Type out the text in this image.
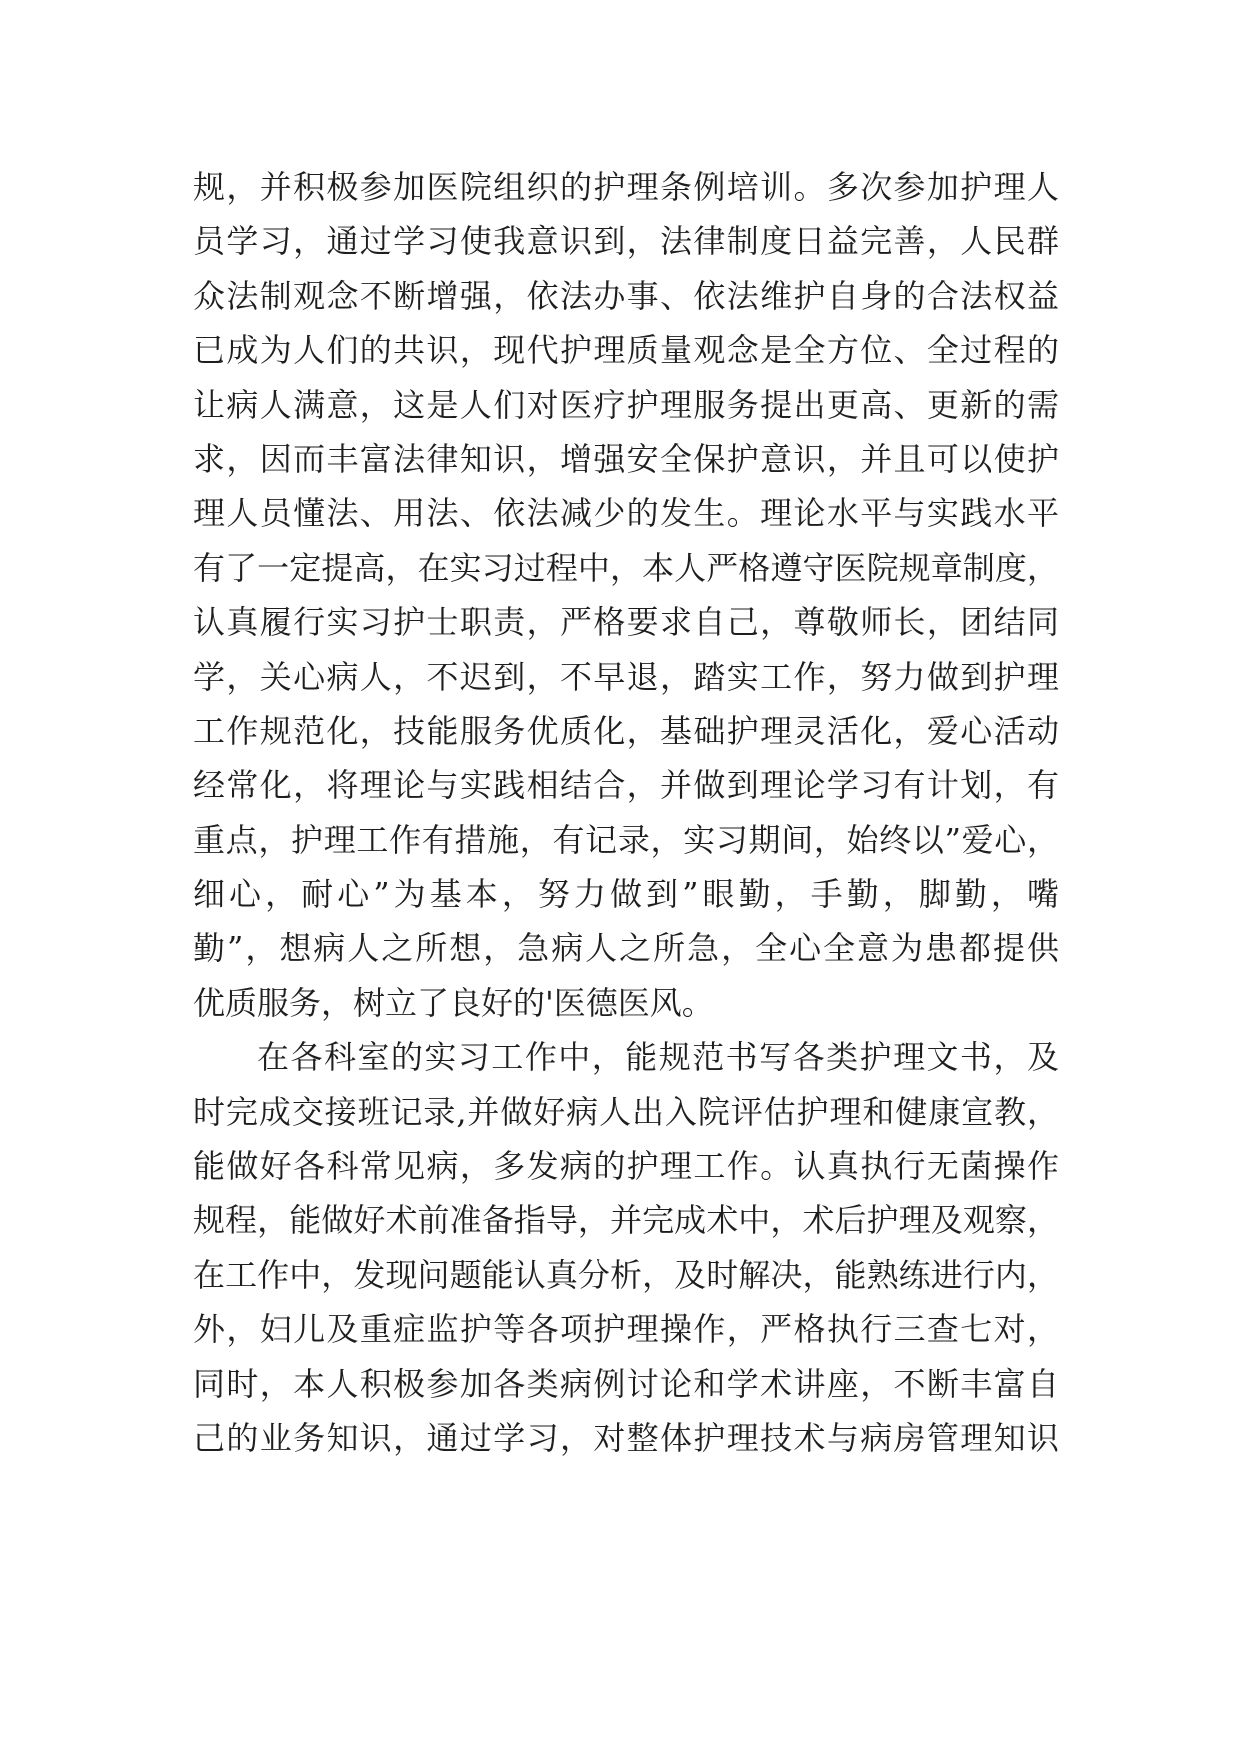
规，并积极参加医院组织的护理条例培训。多次参加护理人
员学习，通过学习使我意识到，法律制度日益完善，人民群
众法制观念不断增强，依法办事、依法维护自身的合法权益
已成为人们的共识，现代护理质量观念是全方位、全过程的
让病人满意，这是人们对医疗护理服务提出更高、更新的需
求，因而丰富法律知识，增强安全保护意识，并且可以使护
理人员懂法、用法、依法减少的发生。理论水平与实践水平
有了一定提高，在实习过程中，本人严格遵守医院规章制度，
认真履行实习护士职责，严格要求自己，尊敬师长，团结同
学，关心病人，不迟到，不早退，踏实工作，努力做到护理
工作规范化，技能服务优质化，基础护理灵活化，爱心活动
经常化，将理论与实践相结合，并做到理论学习有计划，有
重点，护理工作有措施，有记录，实习期间，始终以”爱心，
细心，耐心”为基本，努力做到”眼勤，手勤，脚勤，嘴
勤”，想病人之所想，急病人之所急，全心全意为患都提供
优质服务，树立了良好的'医德医风。
在各科室的实习工作中，能规范书写各类护理文书，及
时完成交接班记录,并做好病人出入院评估护理和健康宣教，
能做好各科常见病，多发病的护理工作。认真执行无菌操作
规程，能做好术前准备指导，并完成术中，术后护理及观察，
在工作中，发现问题能认真分析，及时解决，能熟练进行内，
外，妇儿及重症监护等各项护理操作，严格执行三查七对，
同时，本人积极参加各类病例讨论和学术讲座，不断丰富自
己的业务知识，通过学习，对整体护理技术与病房管理知识
